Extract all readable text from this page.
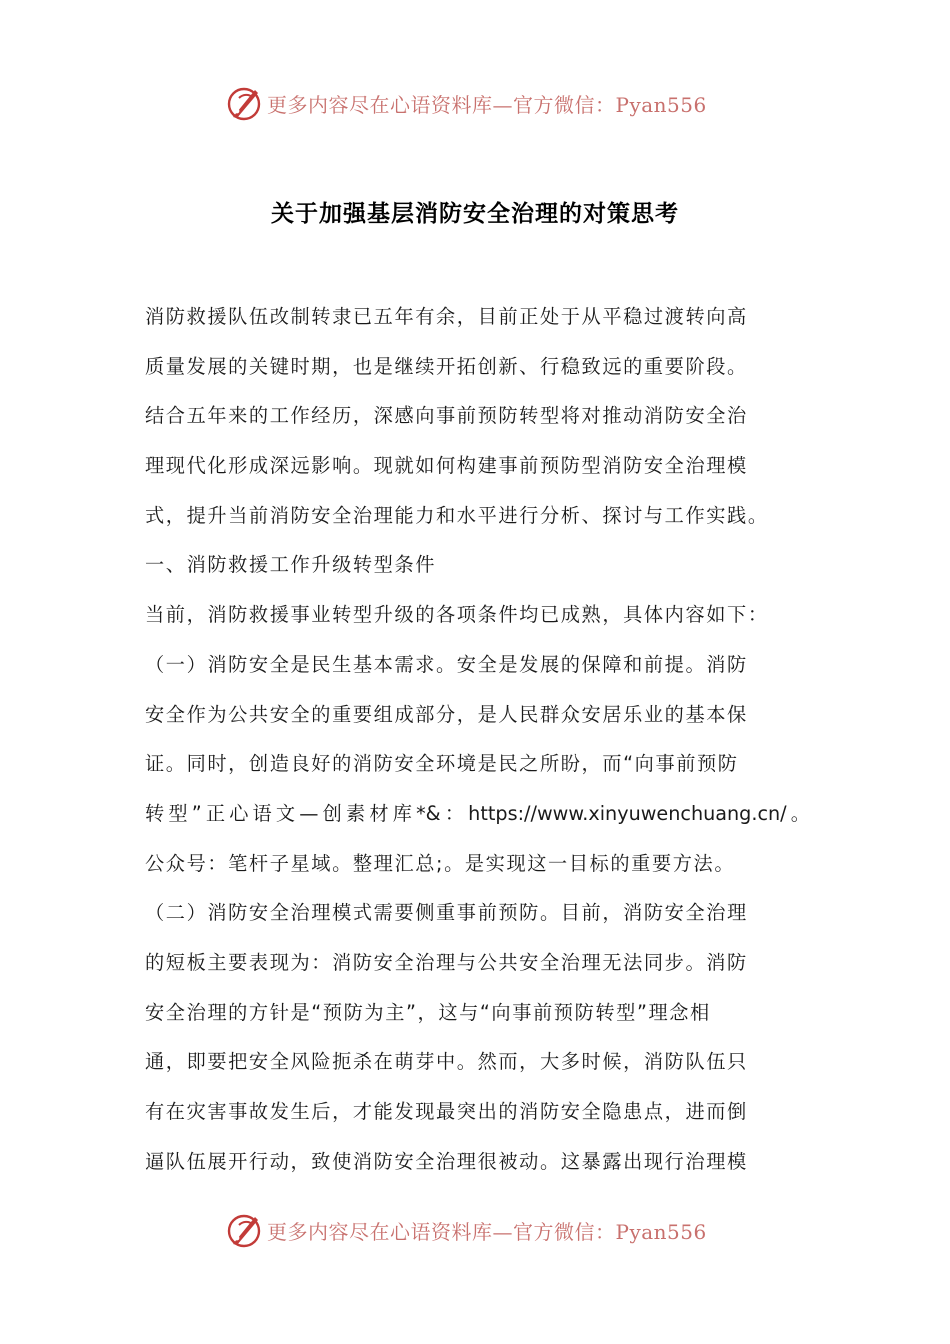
更多内容尽在心语资料库—官方微信：Pyan556
关于加强基层消防安全治理的对策思考
消防救援队伍改制转隶已五年有余，目前正处于从平稳过渡转向高
质量发展的关键时期，也是继续开拓创新、行稳致远的重要阶段。
结合五年来的工作经历，深感向事前预防转型将对推动消防安全治
理现代化形成深远影响。现就如何构建事前预防型消防安全治理模
式，提升当前消防安全治理能力和水平进行分析、探讨与工作实践。
一、消防救援工作升级转型条件
当前，消防救援事业转型升级的各项条件均已成熟，具体内容如下：
（一）消防安全是民生基本需求。安全是发展的保障和前提。消防
安全作为公共安全的重要组成部分，是人民群众安居乐业的基本保
证。同时，创造良好的消防安全环境是民之所盼，而“向事前预防
转型”正心语文—创素材库*&：https://www.xinyuwenchuang.cn/。
公众号：笔杆子星域。整理汇总;。是实现这一目标的重要方法。
（二）消防安全治理模式需要侧重事前预防。目前，消防安全治理
的短板主要表现为：消防安全治理与公共安全治理无法同步。消防
安全治理的方针是“预防为主”，这与“向事前预防转型”理念相
通，即要把安全风险扼杀在萌芽中。然而，大多时候，消防队伍只
有在灾害事故发生后，才能发现最突出的消防安全隐患点，进而倒
逼队伍展开行动，致使消防安全治理很被动。这暴露出现行治理模
更多内容尽在心语资料库—官方微信：Pyan556
